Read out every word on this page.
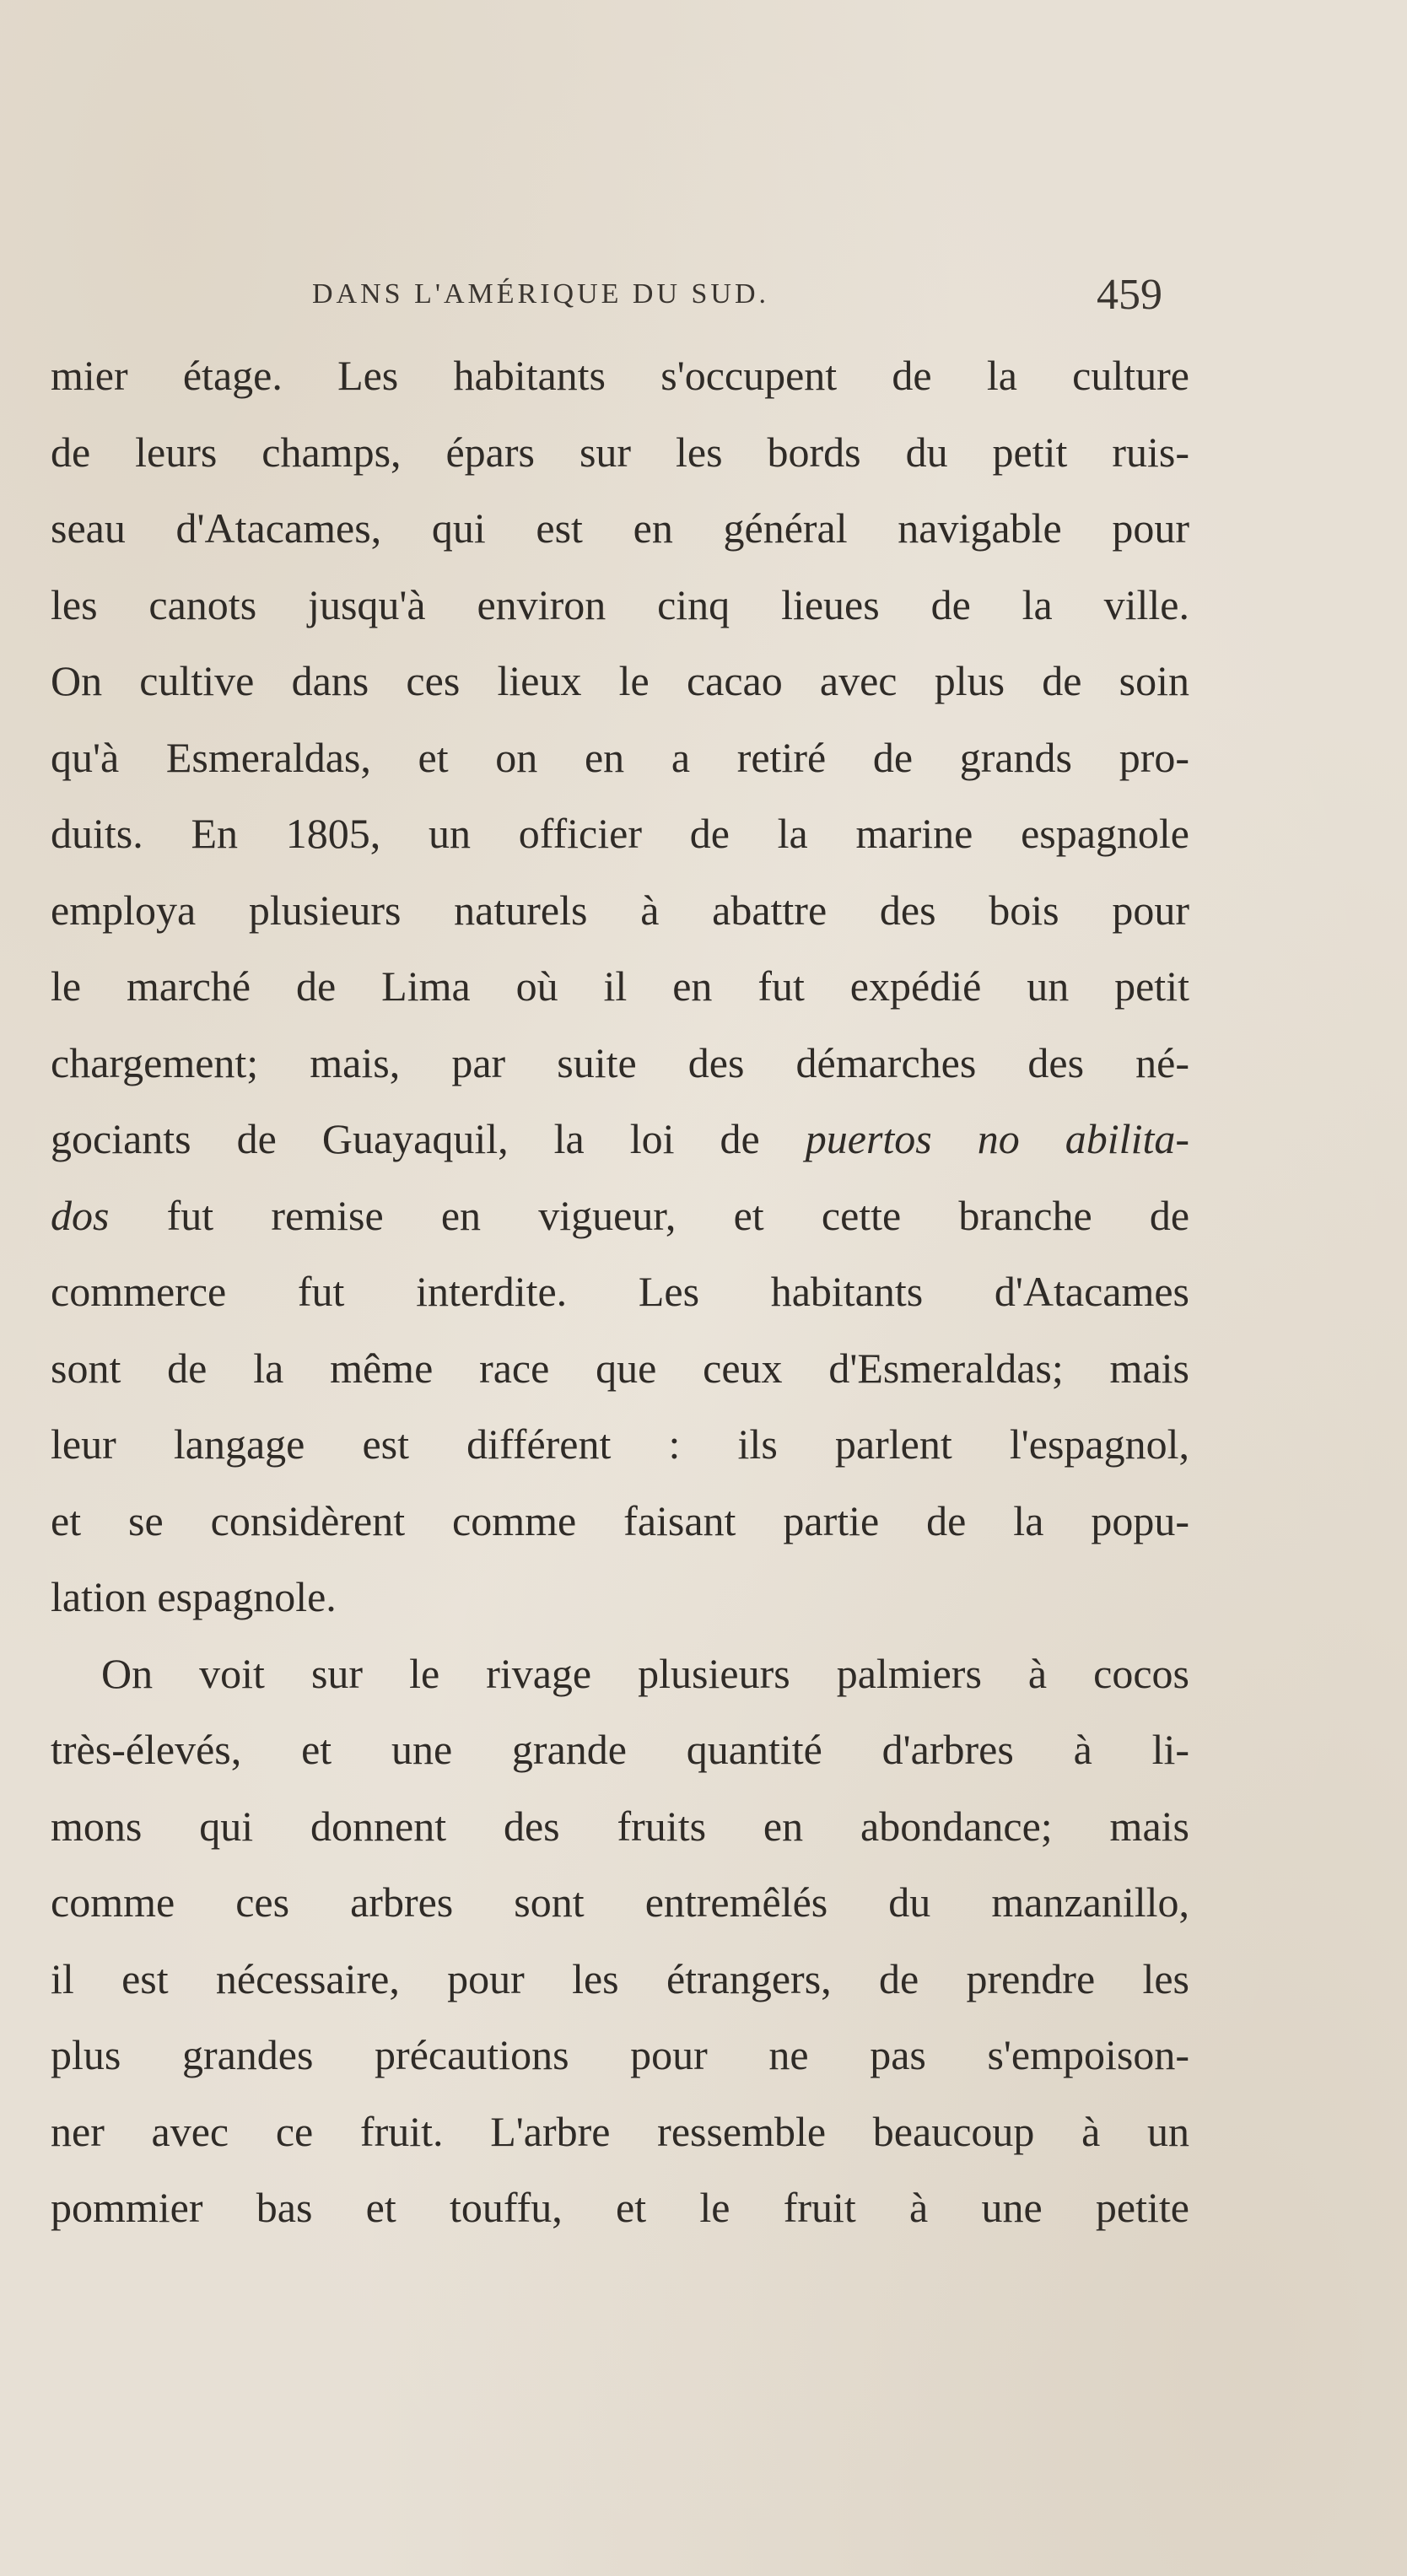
DANS L'AMÉRIQUE DU SUD.	459
mier étage. Les habitants s'occupent de la culture
de leurs champs, épars sur les bords du petit ruis-
seau d'Atacames, qui est en général navigable pour
les canots jusqu'à environ cinq lieues de la ville.
On cultive dans ces lieux le cacao avec plus de soin
qu'à Esmeraldas, et on en a retiré de grands pro-
duits. En 1805, un officier de la marine espagnole
employa plusieurs naturels à abattre des bois pour
le marché de Lima où il en fut expédié un petit
chargement; mais, par suite des démarches des né-
gociants de Guayaquil, la loi de puertos no abilita-
dos fut remise en vigueur, et cette branche de
commerce fut interdite. Les habitants d'Atacames
sont de la même race que ceux d'Esmeraldas; mais
leur langage est différent : ils parlent l'espagnol,
et se considèrent comme faisant partie de la popu-
lation espagnole.
On voit sur le rivage plusieurs palmiers à cocos
très-élevés, et une grande quantité d'arbres à li-
mons qui donnent des fruits en abondance; mais
comme ces arbres sont entremêlés du manzanillo,
il est nécessaire, pour les étrangers, de prendre les
plus grandes précautions pour ne pas s'empoison-
ner avec ce fruit. L'arbre ressemble beaucoup à un
pommier bas et touffu, et le fruit à une petite
